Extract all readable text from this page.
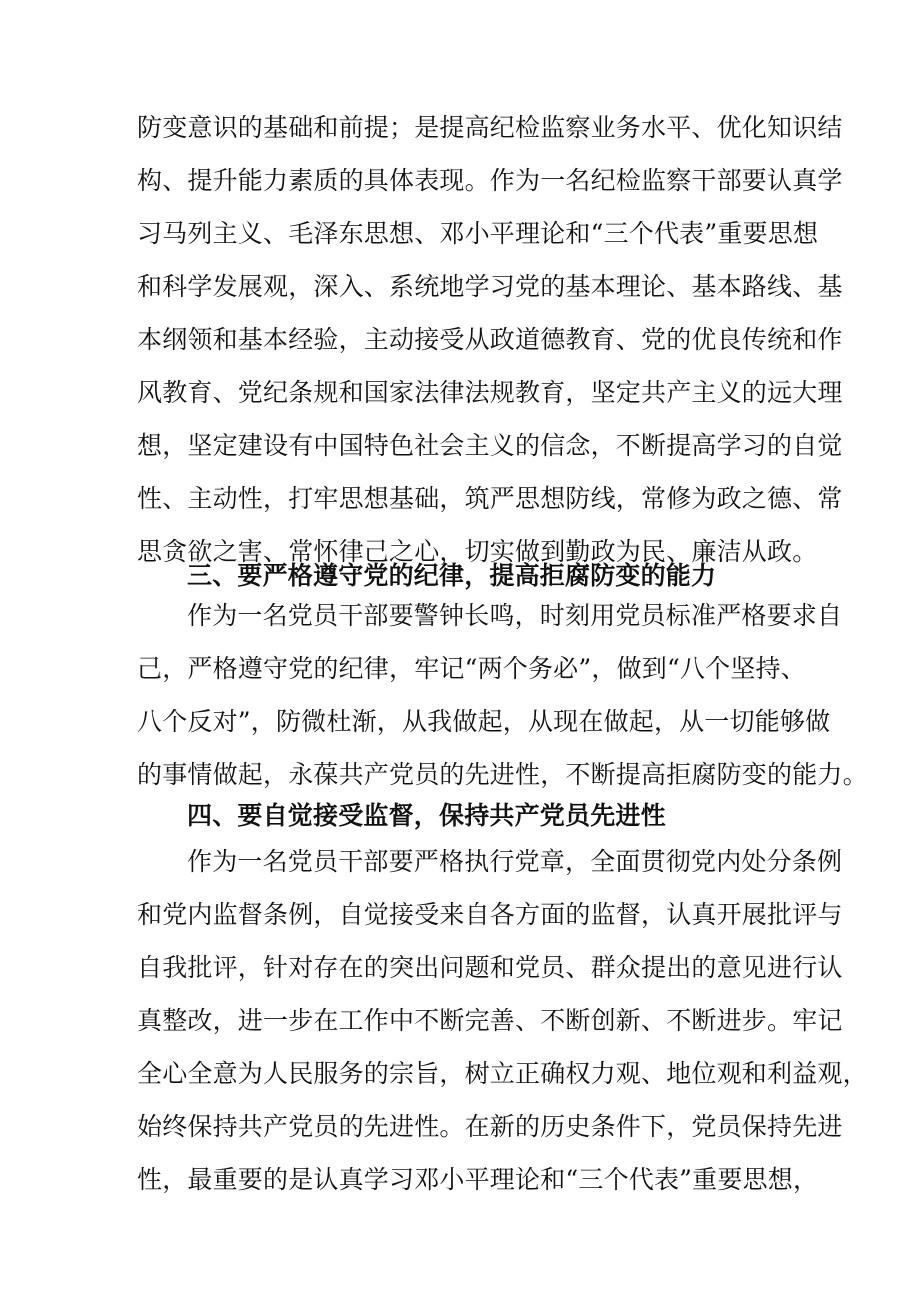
防变意识的基础和前提；是提高纪检监察业务水平、优化知识结
构、提升能力素质的具体表现。作为一名纪检监察干部要认真学
习马列主义、毛泽东思想、邓小平理论和“三个代表”重要思想
和科学发展观，深入、系统地学习党的基本理论、基本路线、基
本纲领和基本经验，主动接受从政道德教育、党的优良传统和作
风教育、党纪条规和国家法律法规教育，坚定共产主义的远大理
想，坚定建设有中国特色社会主义的信念，不断提高学习的自觉
性、主动性，打牢思想基础，筑严思想防线，常修为政之德、常
思贪欲之害、常怀律己之心，切实做到勤政为民、廉洁从政。
三、要严格遵守党的纪律，提高拒腐防变的能力
作为一名党员干部要警钟长鸣，时刻用党员标准严格要求自
己，严格遵守党的纪律，牢记“两个务必”，做到“八个坚持、
八个反对”，防微杜渐，从我做起，从现在做起，从一切能够做
的事情做起，永葆共产党员的先进性，不断提高拒腐防变的能力。
四、要自觉接受监督，保持共产党员先进性
作为一名党员干部要严格执行党章，全面贯彻党内处分条例
和党内监督条例，自觉接受来自各方面的监督，认真开展批评与
自我批评，针对存在的突出问题和党员、群众提出的意见进行认
真整改，进一步在工作中不断完善、不断创新、不断进步。牢记
全心全意为人民服务的宗旨，树立正确权力观、地位观和利益观，
始终保持共产党员的先进性。在新的历史条件下，党员保持先进
性，最重要的是认真学习邓小平理论和“三个代表”重要思想，
